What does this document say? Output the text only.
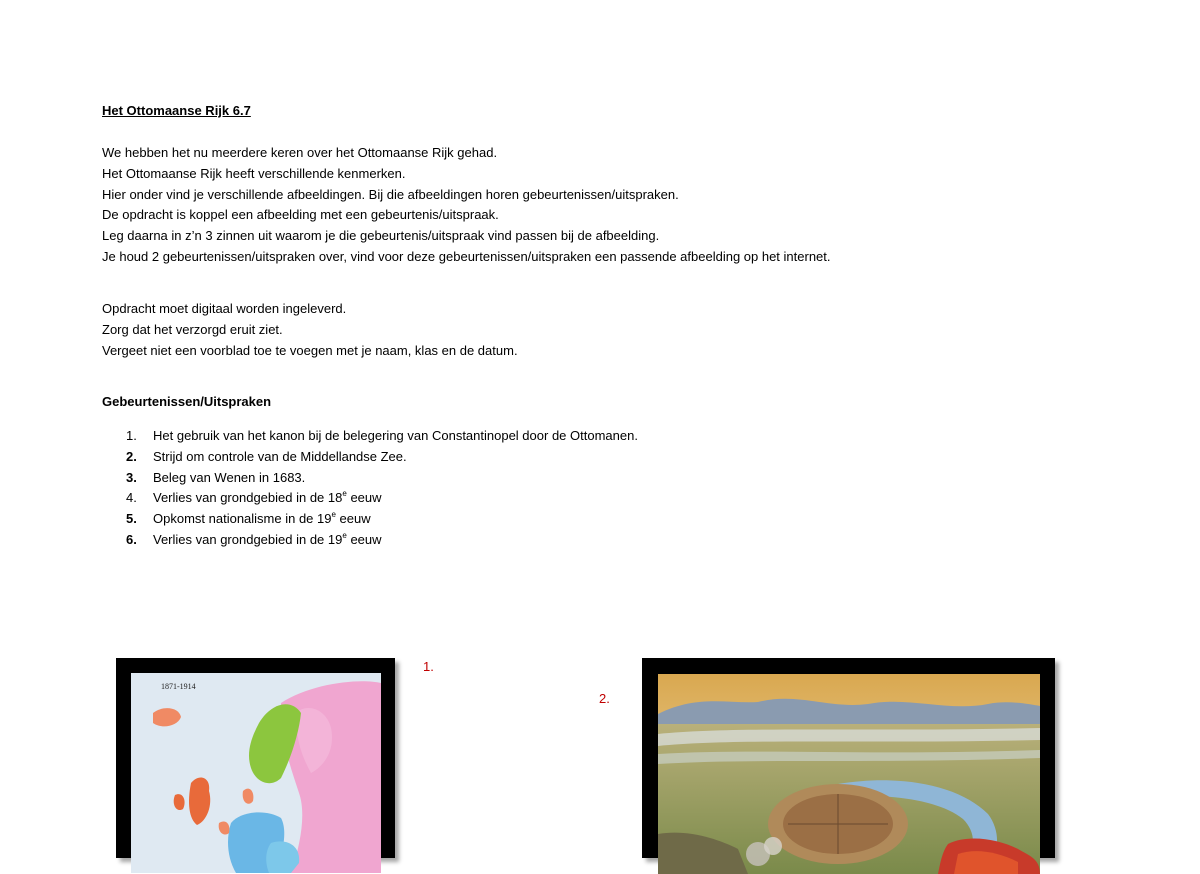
Het Ottomaanse Rijk 6.7
We hebben het nu meerdere keren over het Ottomaanse Rijk gehad.
Het Ottomaanse Rijk heeft verschillende kenmerken.
Hier onder vind je verschillende afbeeldingen. Bij die afbeeldingen horen gebeurtenissen/uitspraken.
De opdracht is koppel een afbeelding met een gebeurtenis/uitspraak.
Leg daarna in z’n 3 zinnen uit waarom je die gebeurtenis/uitspraak vind passen bij de afbeelding.
Je houd 2 gebeurtenissen/uitspraken over, vind voor deze gebeurtenissen/uitspraken een passende afbeelding op het internet.
Opdracht moet digitaal worden ingeleverd.
Zorg dat het verzorgd eruit ziet.
Vergeet niet een voorblad toe te voegen met je naam, klas en de datum.
Gebeurtenissen/Uitspraken
1.	Het gebruik van het kanon bij de belegering van Constantinopel door de Ottomanen.
2.	Strijd om controle van de Middellandse Zee.
3.	Beleg van Wenen in 1683.
4.	Verlies van grondgebied in de 18e eeuw
5.	Opkomst nationalisme in de 19e eeuw
6.	Verlies van grondgebied in de 19e eeuw
1871-1914
1.
2.
